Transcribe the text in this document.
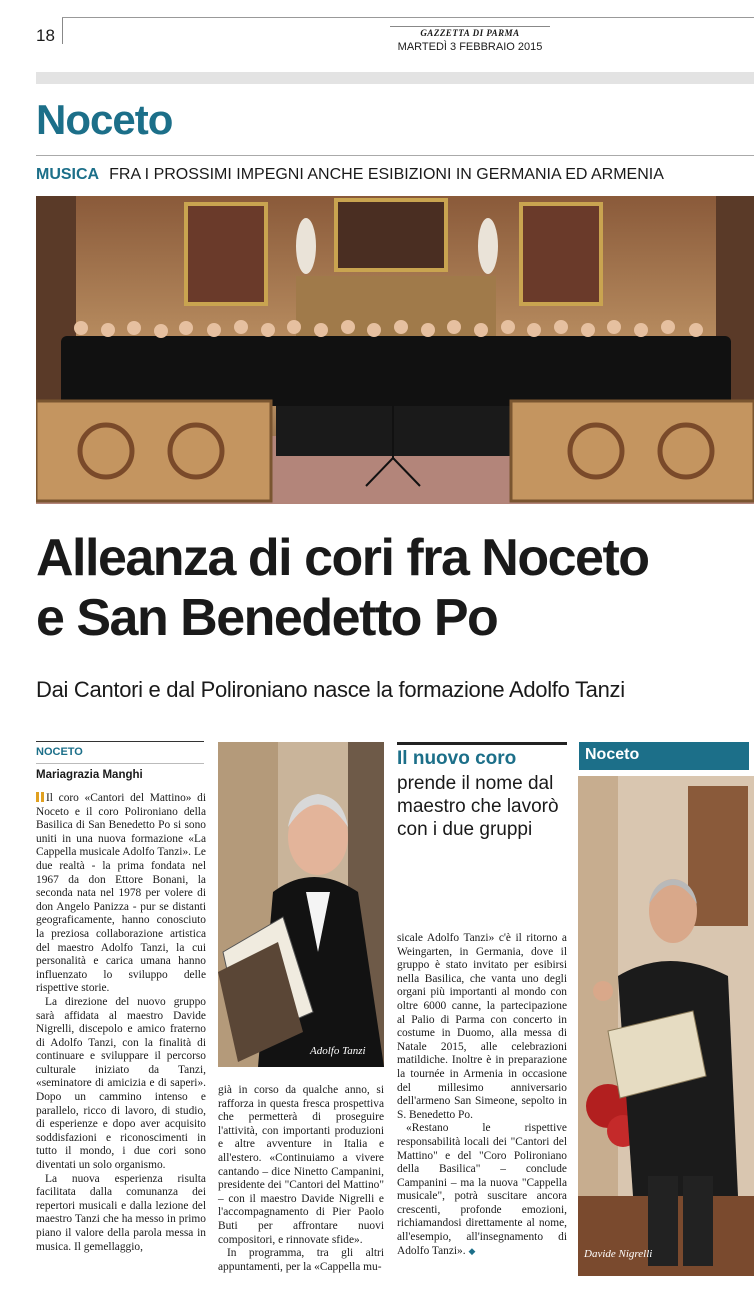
18	GAZZETTA DI PARMA
MARTEDÌ 3 FEBBRAIO 2015
Noceto
MUSICA FRA I PROSSIMI IMPEGNI ANCHE ESIBIZIONI IN GERMANIA ED ARMENIA
Alleanza di cori fra Noceto
e San Benedetto Po
Dai Cantori e dal Polironiano nasce la formazione Adolfo Tanzi
NOCETO
Mariagrazia Manghi

Il coro «Cantori del Mattino» di Noceto e il coro Polironiano della Basilica di San Benedetto Po si sono uniti in una nuova formazione «La Cappella musicale Adolfo Tanzi». Le due realtà - la prima fondata nel 1967 da don Ettore Bonani, la seconda nata nel 1978 per volere di don Angelo Panizza - pur se distanti geograficamente, hanno conosciuto la preziosa collaborazione artistica del maestro Adolfo Tanzi, la cui personalità e carica umana hanno influenzato lo sviluppo delle rispettive storie.

La direzione del nuovo gruppo sarà affidata al maestro Davide Nigrelli, discepolo e amico fraterno di Adolfo Tanzi, con la finalità di continuare e sviluppare il percorso culturale iniziato da Tanzi, «seminatore di amicizia e di saperi». Dopo un cammino intenso e parallelo, ricco di lavoro, di studio, di esperienze e dopo aver acquisito soddisfazioni e riconoscimenti in tutto il mondo, i due cori sono diventati un solo organismo.

La nuova esperienza risulta facilitata dalla comunanza dei repertori musicali e dalla lezione del maestro Tanzi che ha messo in primo piano il valore della parola messa in musica. Il gemellaggio,

Adolfo Tanzi

già in corso da qualche anno, si rafforza in questa fresca prospettiva che permetterà di proseguire l'attività, con importanti produzioni e altre avventure in Italia e all'estero. «Continuiamo a vivere cantando – dice Ninetto Campanini, presidente dei "Cantori del Mattino" – con il maestro Davide Nigrelli e l'accompagnamento di Pier Paolo Buti per affrontare nuovi compositori, e rinnovate sfide».

In programma, tra gli altri appuntamenti, per la «Cappella mu-

Il nuovo coro
prende il nome dal maestro che lavorò con i due gruppi

sicale Adolfo Tanzi» c'è il ritorno a Weingarten, in Germania, dove il gruppo è stato invitato per esibirsi nella Basilica, che vanta uno degli organi più importanti al mondo con oltre 6000 canne, la partecipazione al Palio di Parma con concerto in costume in Duomo, alla messa di Natale 2015, alle celebrazioni matildiche. Inoltre è in preparazione la tournée in Armenia in occasione del millesimo anniversario dell'armeno San Simeone, sepolto in S. Benedetto Po.

«Restano le rispettive responsabilità locali dei "Cantori del Mattino" e del "Coro Polironiano della Basilica" – conclude Campanini – ma la nuova "Cappella musicale", potrà suscitare ancora crescenti, profonde emozioni, richiamandosi direttamente al nome, all'esempio, all'insegnamento di Adolfo Tanzi». ◆

Noceto
Davide Nigrelli
